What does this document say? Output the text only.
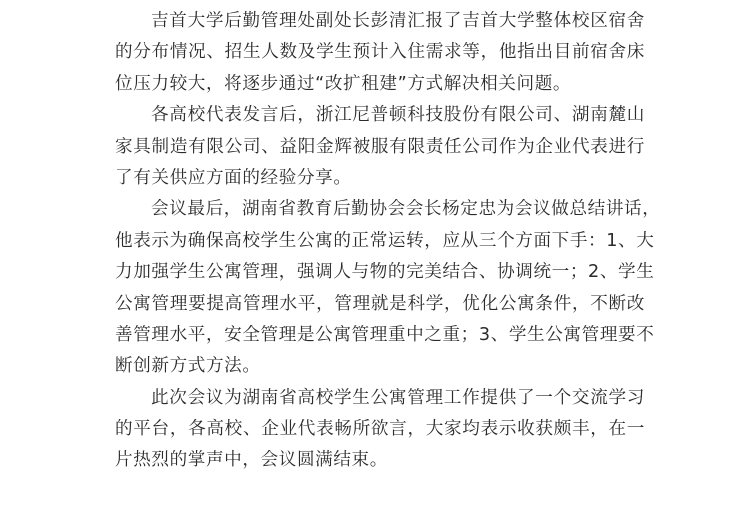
吉首大学后勤管理处副处长彭清汇报了吉首大学整体校区宿舍
的分布情况、招生人数及学生预计入住需求等，他指出目前宿舍床
位压力较大，将逐步通过“改扩租建”方式解决相关问题。
各高校代表发言后，浙江尼普顿科技股份有限公司、湖南麓山
家具制造有限公司、益阳金辉被服有限责任公司作为企业代表进行
了有关供应方面的经验分享。
会议最后，湖南省教育后勤协会会长杨定忠为会议做总结讲话，
他表示为确保高校学生公寓的正常运转，应从三个方面下手：1、大
力加强学生公寓管理，强调人与物的完美结合、协调统一；2、学生
公寓管理要提高管理水平，管理就是科学，优化公寓条件，不断改
善管理水平，安全管理是公寓管理重中之重；3、学生公寓管理要不
断创新方式方法。
此次会议为湖南省高校学生公寓管理工作提供了一个交流学习
的平台，各高校、企业代表畅所欲言，大家均表示收获颇丰，在一
片热烈的掌声中，会议圆满结束。
